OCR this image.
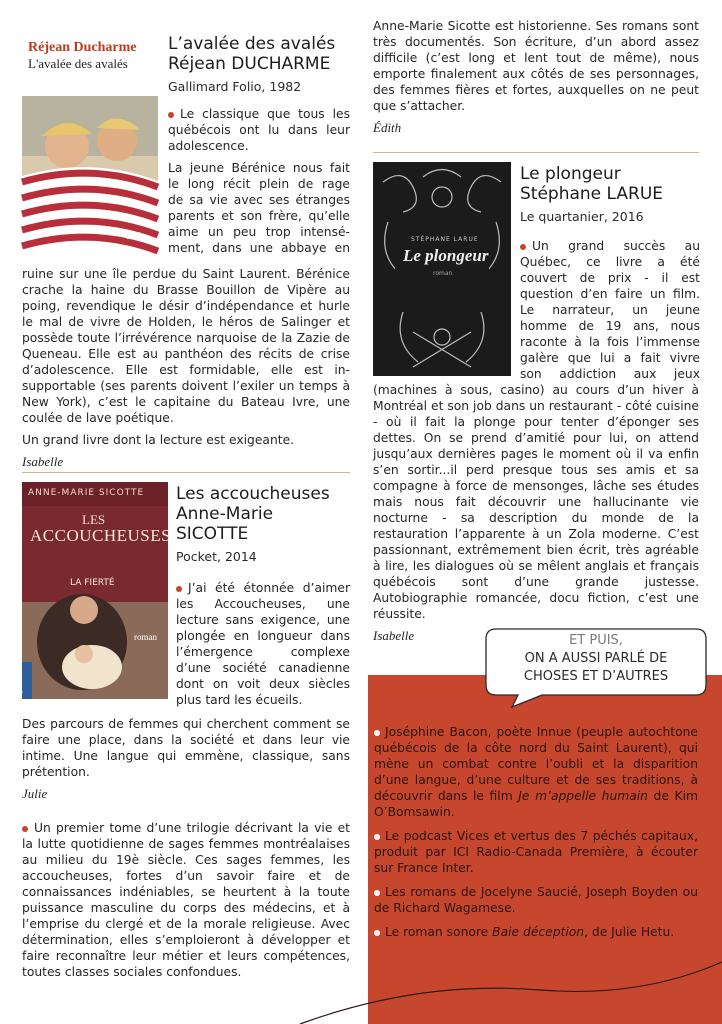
Réjean Ducharme
L'avalée des avalés
folio
L’avalée des avalés
Réjean DUCHARME
Gallimard Folio, 1982
Le classique que tous les
québécois ont lu dans leur
adolescence.
La jeune Bérénice nous fait
le long récit plein de rage
de sa vie avec ses étranges
parents et son frère, qu’elle
aime un peu trop intensé-
ment, dans une abbaye en

ruine sur une île perdue du Saint Laurent. Bérénice crache la haine du Brasse Bouillon de Vipère au poing, revendique le désir d’indépendance et hurle le mal de vivre de Holden, le héros de Salinger et possède toute l’irrévérence narquoise de la Zazie de Queneau. Elle est au panthéon des récits de crise d’adolescence. Elle est formidable, elle est in-supportable (ses parents doivent l’exiler un temps à New York), c’est le capitaine du Bateau Ivre, une coulée de lave poétique.

Un grand livre dont la lecture est exigeante.

Isabelle
ANNE-MARIE SICOTTE
LES
ACCOUCHEUSES
LA FIERTÉ
roman
pocket
Les accoucheuses
Anne-Marie
SICOTTE
Pocket, 2014
J’ai été étonnée d’aimer
les Accoucheuses, une
lecture sans exigence, une
plongée en longueur dans
l’émergence complexe
d’une société canadienne
dont on voit deux siècles
plus tard les écueils.

Des parcours de femmes qui cherchent comment se faire une place, dans la société et dans leur vie intime. Une langue qui emmène, classique, sans prétention.

Julie

Un premier tome d’une trilogie décrivant la vie et la lutte quotidienne de sages femmes montréalaises au milieu du 19è siècle. Ces sages femmes, les accoucheuses, fortes d’un savoir faire et de connaissances indéniables, se heurtent à la toute puissance masculine du corps des médecins, et à l’emprise du clergé et de la morale religieuse. Avec détermination, elles s’emploieront à développer et faire reconnaître leur métier et leurs compétences, toutes classes sociales confondues.

Anne-Marie Sicotte est historienne. Ses romans sont très documentés. Son écriture, d’un abord assez difficile (c’est long et lent tout de même), nous emporte finalement aux côtés de ses personnages, des femmes fières et fortes, auxquelles on ne peut que s’attacher.

Édith
STÉPHANE LARUE
Le plongeur
roman
Le plongeur
Stéphane LARUE
Le quartanier, 2016
Un grand succès au
Québec, ce livre a été
couvert de prix - il est
question d’en faire un film.
Le narrateur, un jeune
homme de 19 ans, nous
raconte à la fois l’immense
galère que lui a fait vivre
son addiction aux jeux

(machines à sous, casino) au cours d’un hiver à Montréal et son job dans un restaurant - côté cuisine - où il fait la plonge pour tenter d’éponger ses dettes. On se prend d’amitié pour lui, on attend jusqu’aux dernières pages le moment où il va enfin s’en sortir...il perd presque tous ses amis et sa compagne à force de mensonges, lâche ses études mais nous fait découvrir une hallucinante vie nocturne - sa description du monde de la restauration l’apparente à un Zola moderne. C’est passionnant, extrêmement bien écrit, très agréable à lire, les dialogues où se mêlent anglais et français québécois sont d’une grande justesse. Autobiographie romancée, docu fiction, c’est une réussite.

Isabelle	ET PUIS,
ON A AUSSI PARLÉ DE
CHOSES ET D’AUTRES

Joséphine Bacon, poète Innue (peuple autochtone québécois de la côte nord du Saint Laurent), qui mène un combat contre l’oubli et la disparition d’une langue, d’une culture et de ses traditions, à découvrir dans le film Je m’appelle humain de Kim O’Bomsawin.

Le podcast Vices et vertus des 7 péchés capitaux, produit par ICI Radio-Canada Première, à écouter sur France Inter.

Les romans de Jocelyne Saucié, Joseph Boyden ou de Richard Wagamese.

Le roman sonore Baie déception, de Julie Hetu.
